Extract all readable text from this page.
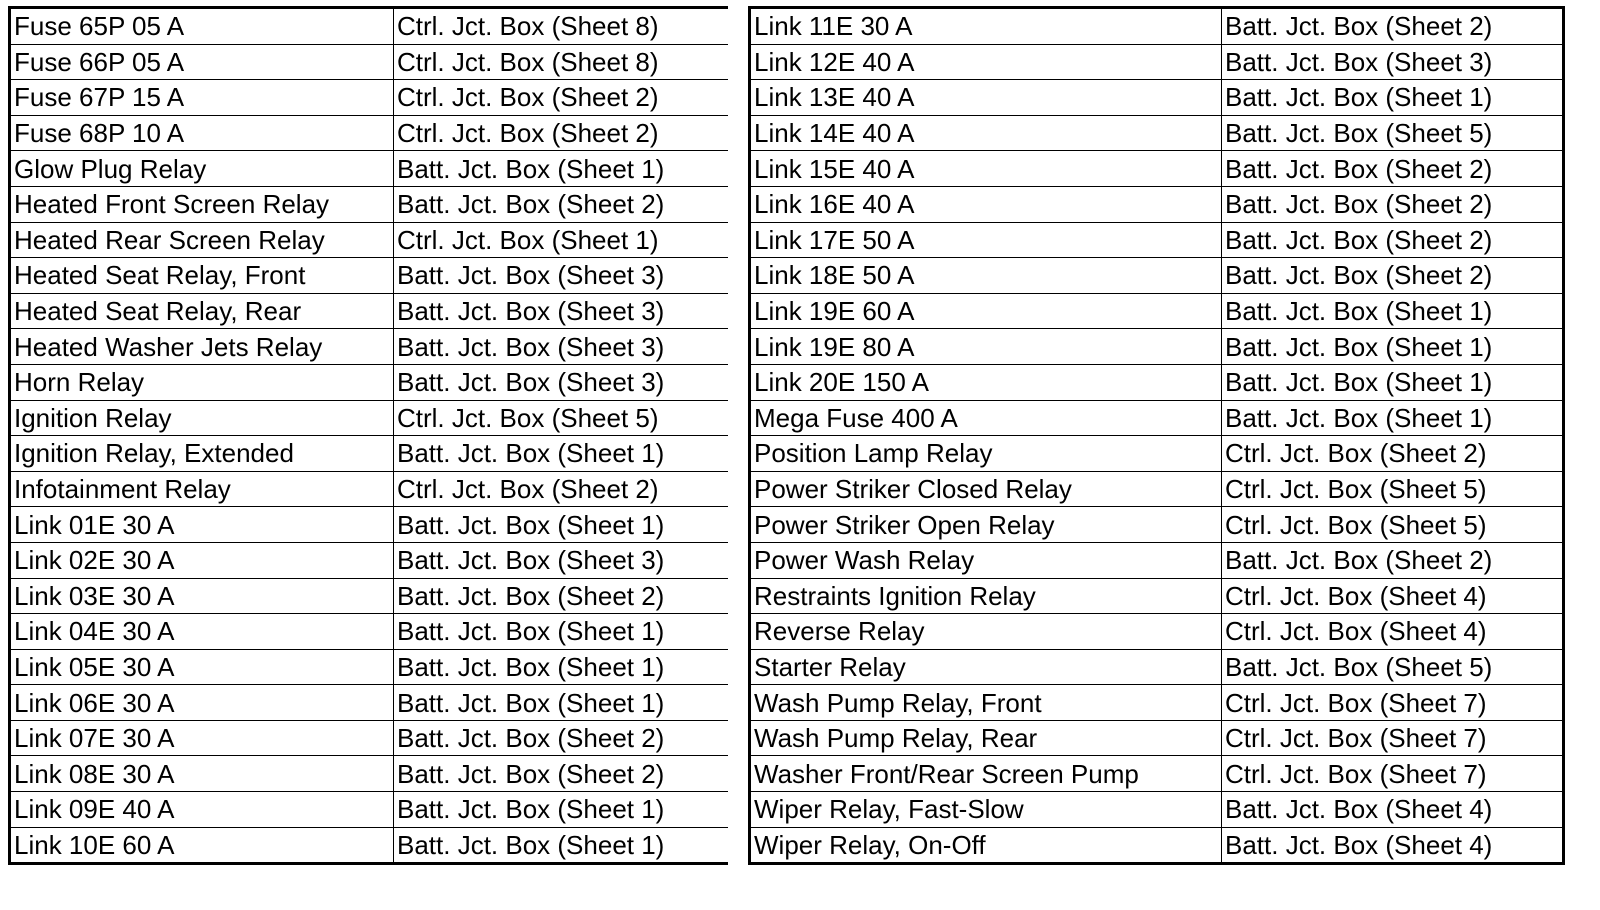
Fuse 65P 05 A	Ctrl. Jct. Box (Sheet 8)
Fuse 66P 05 A	Ctrl. Jct. Box (Sheet 8)
Fuse 67P 15 A	Ctrl. Jct. Box (Sheet 2)
Fuse 68P 10 A	Ctrl. Jct. Box (Sheet 2)
Glow Plug Relay	Batt. Jct. Box (Sheet 1)
Heated Front Screen Relay	Batt. Jct. Box (Sheet 2)
Heated Rear Screen Relay	Ctrl. Jct. Box (Sheet 1)
Heated Seat Relay, Front	Batt. Jct. Box (Sheet 3)
Heated Seat Relay, Rear	Batt. Jct. Box (Sheet 3)
Heated Washer Jets Relay	Batt. Jct. Box (Sheet 3)
Horn Relay	Batt. Jct. Box (Sheet 3)
Ignition Relay	Ctrl. Jct. Box (Sheet 5)
Ignition Relay, Extended	Batt. Jct. Box (Sheet 1)
Infotainment Relay	Ctrl. Jct. Box (Sheet 2)
Link 01E 30 A	Batt. Jct. Box (Sheet 1)
Link 02E 30 A	Batt. Jct. Box (Sheet 3)
Link 03E 30 A	Batt. Jct. Box (Sheet 2)
Link 04E 30 A	Batt. Jct. Box (Sheet 1)
Link 05E 30 A	Batt. Jct. Box (Sheet 1)
Link 06E 30 A	Batt. Jct. Box (Sheet 1)
Link 07E 30 A	Batt. Jct. Box (Sheet 2)
Link 08E 30 A	Batt. Jct. Box (Sheet 2)
Link 09E 40 A	Batt. Jct. Box (Sheet 1)
Link 10E 60 A	Batt. Jct. Box (Sheet 1)
Link 11E 30 A	Batt. Jct. Box (Sheet 2)
Link 12E 40 A	Batt. Jct. Box (Sheet 3)
Link 13E 40 A	Batt. Jct. Box (Sheet 1)
Link 14E 40 A	Batt. Jct. Box (Sheet 5)
Link 15E 40 A	Batt. Jct. Box (Sheet 2)
Link 16E 40 A	Batt. Jct. Box (Sheet 2)
Link 17E 50 A	Batt. Jct. Box (Sheet 2)
Link 18E 50 A	Batt. Jct. Box (Sheet 2)
Link 19E 60 A	Batt. Jct. Box (Sheet 1)
Link 19E 80 A	Batt. Jct. Box (Sheet 1)
Link 20E 150 A	Batt. Jct. Box (Sheet 1)
Mega Fuse 400 A	Batt. Jct. Box (Sheet 1)
Position Lamp Relay	Ctrl. Jct. Box (Sheet 2)
Power Striker Closed Relay	Ctrl. Jct. Box (Sheet 5)
Power Striker Open Relay	Ctrl. Jct. Box (Sheet 5)
Power Wash Relay	Batt. Jct. Box (Sheet 2)
Restraints Ignition Relay	Ctrl. Jct. Box (Sheet 4)
Reverse Relay	Ctrl. Jct. Box (Sheet 4)
Starter Relay	Batt. Jct. Box (Sheet 5)
Wash Pump Relay, Front	Ctrl. Jct. Box (Sheet 7)
Wash Pump Relay, Rear	Ctrl. Jct. Box (Sheet 7)
Washer Front/Rear Screen Pump	Ctrl. Jct. Box (Sheet 7)
Wiper Relay, Fast-Slow	Batt. Jct. Box (Sheet 4)
Wiper Relay, On-Off	Batt. Jct. Box (Sheet 4)
